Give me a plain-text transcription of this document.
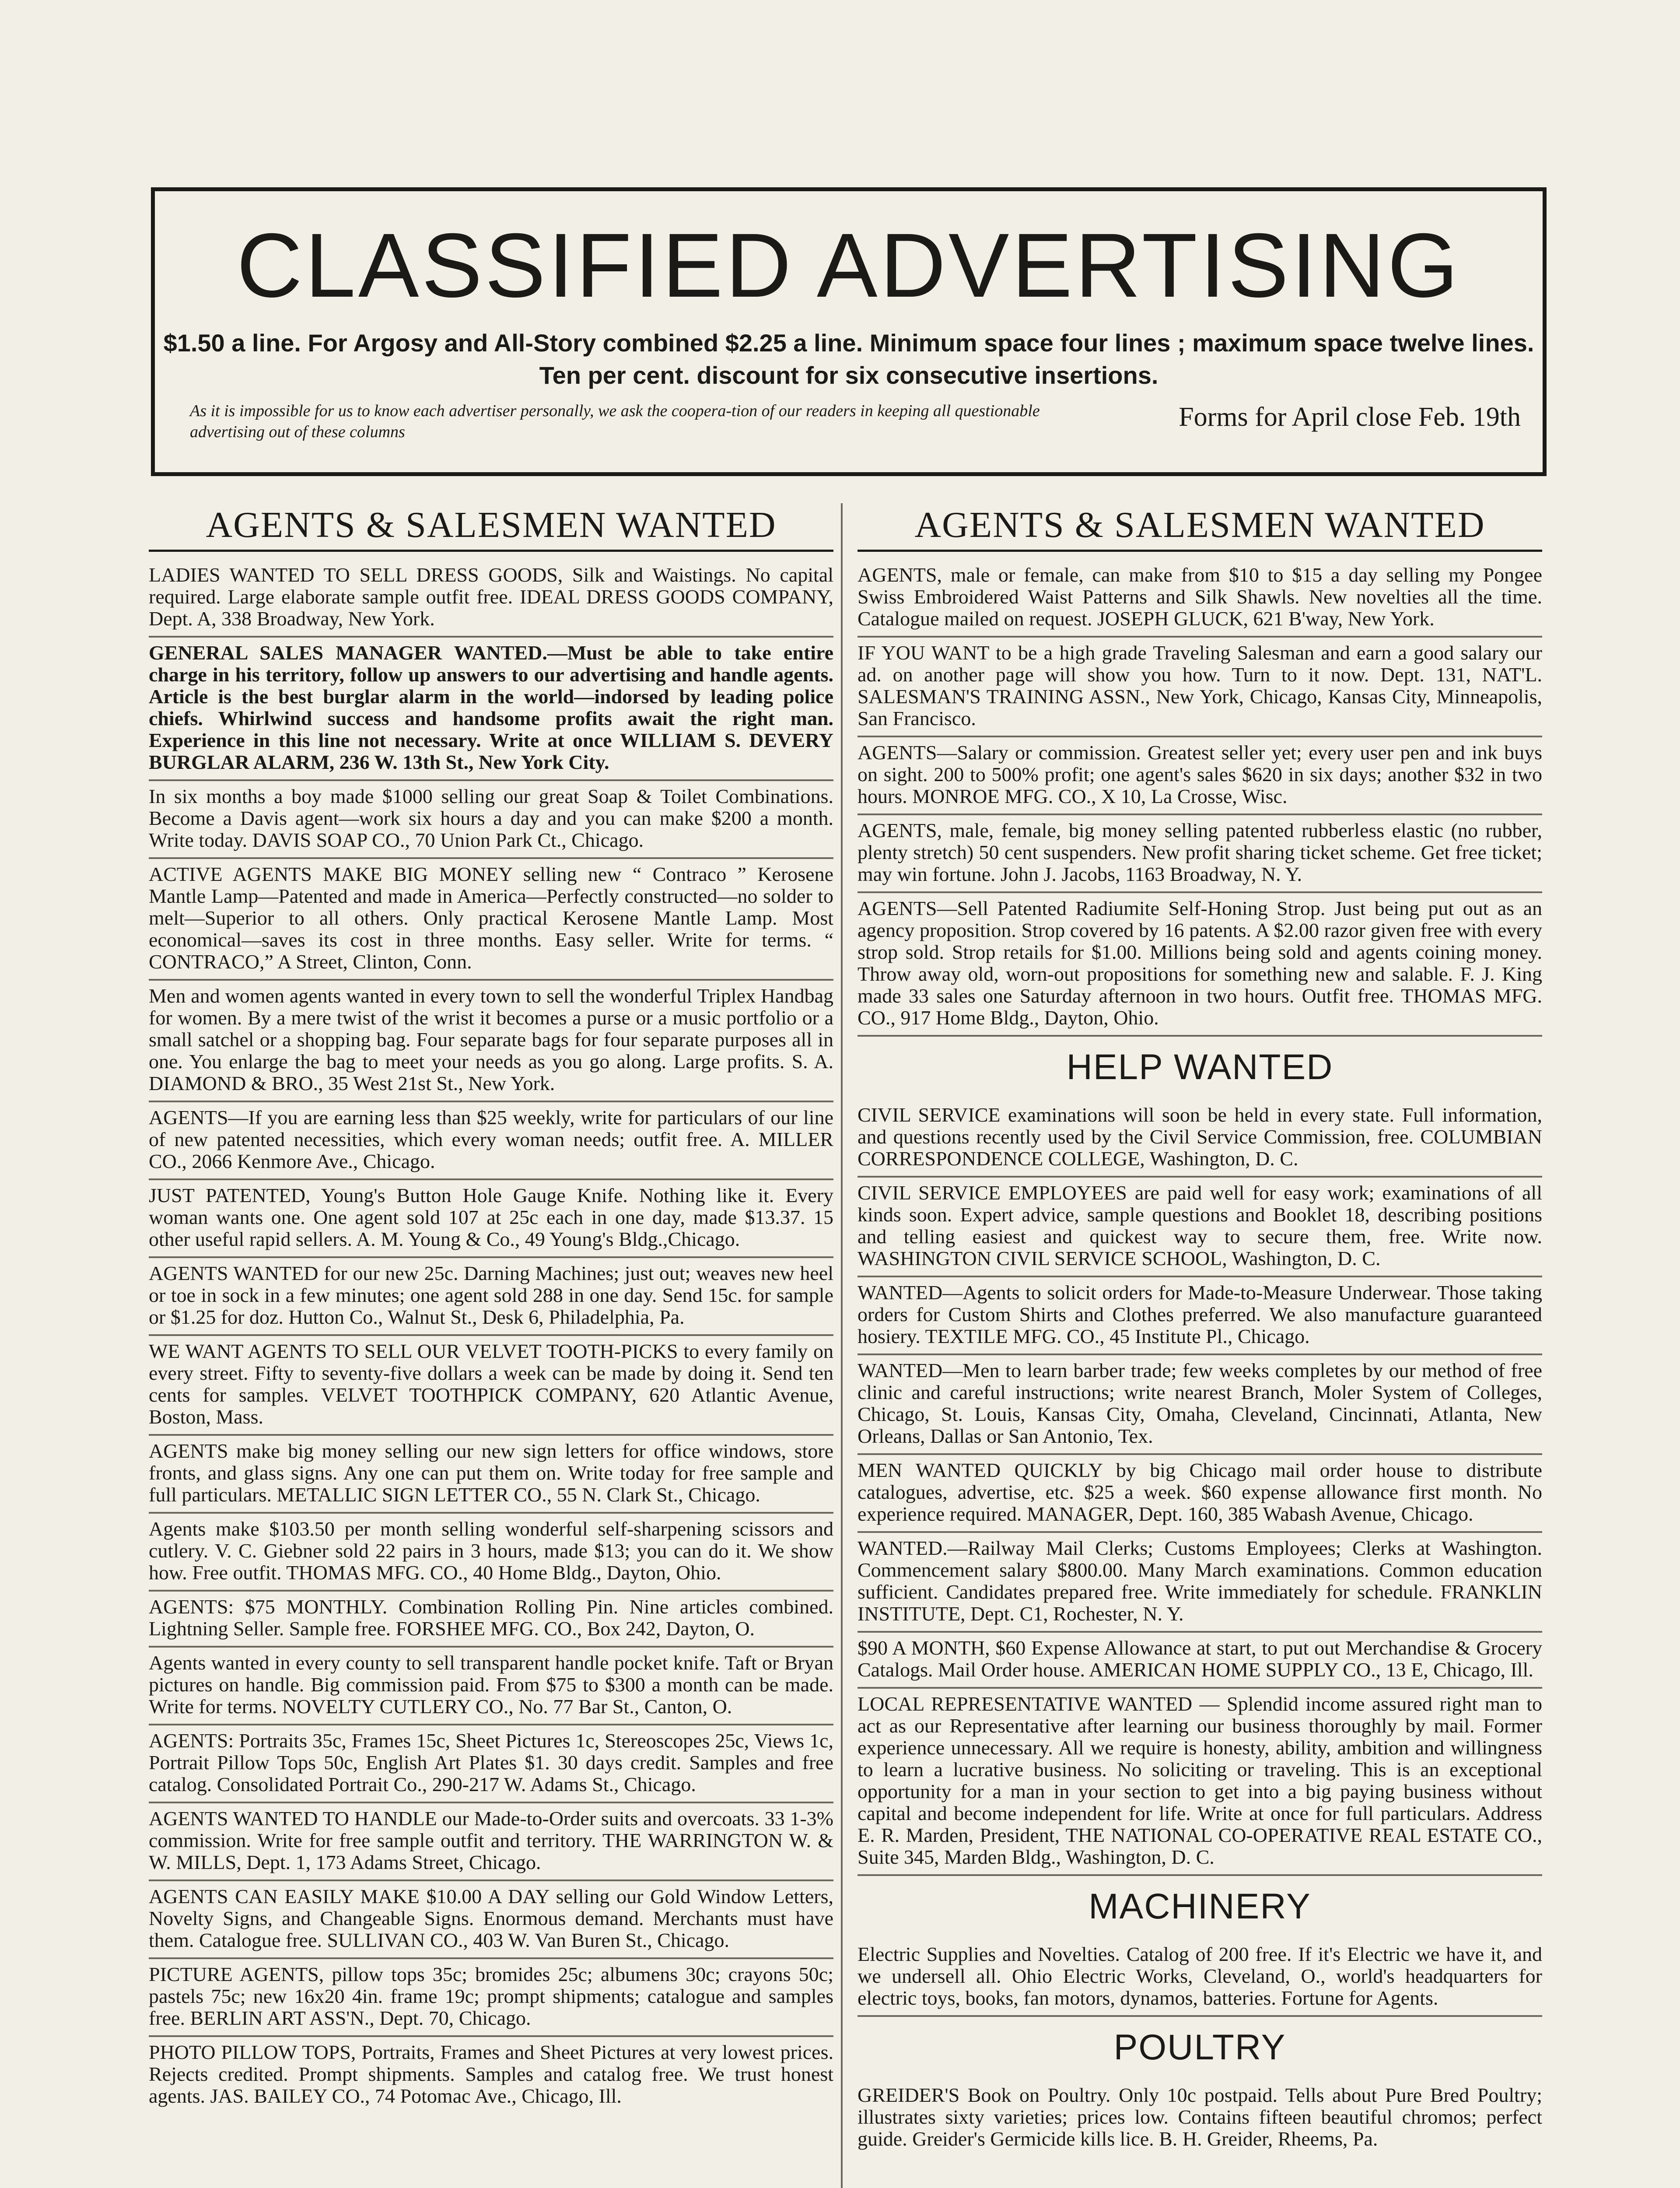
CLASSIFIED ADVERTISING
$1.50 a line. For Argosy and All-Story combined $2.25 a line. Minimum space four lines ; maximum space twelve lines. Ten per cent. discount for six consecutive insertions.
As it is impossible for us to know each advertiser personally, we ask the coopera-tion of our readers in keeping all questionable advertising out of these columns	Forms for April close Feb. 19th
AGENTS & SALESMEN WANTED

LADIES WANTED TO SELL DRESS GOODS, Silk and Waistings. No capital required. Large elaborate sample outfit free. IDEAL DRESS GOODS COMPANY, Dept. A, 338 Broadway, New York.

GENERAL SALES MANAGER WANTED.—Must be able to take entire charge in his territory, follow up answers to our advertising and handle agents. Article is the best burglar alarm in the world—indorsed by leading police chiefs. Whirlwind success and handsome profits await the right man. Experience in this line not necessary. Write at once WILLIAM S. DEVERY BURGLAR ALARM, 236 W. 13th St., New York City.

In six months a boy made $1000 selling our great Soap & Toilet Combinations. Become a Davis agent—work six hours a day and you can make $200 a month. Write today. DAVIS SOAP CO., 70 Union Park Ct., Chicago.

ACTIVE AGENTS MAKE BIG MONEY selling new “ Contraco ” Kerosene Mantle Lamp—Patented and made in America—Perfectly constructed—no solder to melt—Superior to all others. Only practical Kerosene Mantle Lamp. Most economical—saves its cost in three months. Easy seller. Write for terms. “ CONTRACO,” A Street, Clinton, Conn.

Men and women agents wanted in every town to sell the wonderful Triplex Handbag for women. By a mere twist of the wrist it becomes a purse or a music portfolio or a small satchel or a shopping bag. Four separate bags for four separate purposes all in one. You enlarge the bag to meet your needs as you go along. Large profits. S. A. DIAMOND & BRO., 35 West 21st St., New York.

AGENTS—If you are earning less than $25 weekly, write for particulars of our line of new patented necessities, which every woman needs; outfit free. A. MILLER CO., 2066 Kenmore Ave., Chicago.

JUST PATENTED, Young's Button Hole Gauge Knife. Nothing like it. Every woman wants one. One agent sold 107 at 25c each in one day, made $13.37. 15 other useful rapid sellers. A. M. Young & Co., 49 Young's Bldg.,Chicago.

AGENTS WANTED for our new 25c. Darning Machines; just out; weaves new heel or toe in sock in a few minutes; one agent sold 288 in one day. Send 15c. for sample or $1.25 for doz. Hutton Co., Walnut St., Desk 6, Philadelphia, Pa.

WE WANT AGENTS TO SELL OUR VELVET TOOTH-PICKS to every family on every street. Fifty to seventy-five dollars a week can be made by doing it. Send ten cents for samples. VELVET TOOTHPICK COMPANY, 620 Atlantic Avenue, Boston, Mass.

AGENTS make big money selling our new sign letters for office windows, store fronts, and glass signs. Any one can put them on. Write today for free sample and full particulars. METALLIC SIGN LETTER CO., 55 N. Clark St., Chicago.

Agents make $103.50 per month selling wonderful self-sharpening scissors and cutlery. V. C. Giebner sold 22 pairs in 3 hours, made $13; you can do it. We show how. Free outfit. THOMAS MFG. CO., 40 Home Bldg., Dayton, Ohio.

AGENTS: $75 MONTHLY. Combination Rolling Pin. Nine articles combined. Lightning Seller. Sample free. FORSHEE MFG. CO., Box 242, Dayton, O.

Agents wanted in every county to sell transparent handle pocket knife. Taft or Bryan pictures on handle. Big commission paid. From $75 to $300 a month can be made. Write for terms. NOVELTY CUTLERY CO., No. 77 Bar St., Canton, O.

AGENTS: Portraits 35c, Frames 15c, Sheet Pictures 1c, Stereoscopes 25c, Views 1c, Portrait Pillow Tops 50c, English Art Plates $1. 30 days credit. Samples and free catalog. Consolidated Portrait Co., 290-217 W. Adams St., Chicago.

AGENTS WANTED TO HANDLE our Made-to-Order suits and overcoats. 33 1-3% commission. Write for free sample outfit and territory. THE WARRINGTON W. & W. MILLS, Dept. 1, 173 Adams Street, Chicago.

AGENTS CAN EASILY MAKE $10.00 A DAY selling our Gold Window Letters, Novelty Signs, and Changeable Signs. Enormous demand. Merchants must have them. Catalogue free. SULLIVAN CO., 403 W. Van Buren St., Chicago.

PICTURE AGENTS, pillow tops 35c; bromides 25c; albumens 30c; crayons 50c; pastels 75c; new 16x20 4in. frame 19c; prompt shipments; catalogue and samples free. BERLIN ART ASS'N., Dept. 70, Chicago.

PHOTO PILLOW TOPS, Portraits, Frames and Sheet Pictures at very lowest prices. Rejects credited. Prompt shipments. Samples and catalog free. We trust honest agents. JAS. BAILEY CO., 74 Potomac Ave., Chicago, Ill.

AGENTS & SALESMEN WANTED

AGENTS, male or female, can make from $10 to $15 a day selling my Pongee Swiss Embroidered Waist Patterns and Silk Shawls. New novelties all the time. Catalogue mailed on request. JOSEPH GLUCK, 621 B'way, New York.

IF YOU WANT to be a high grade Traveling Salesman and earn a good salary our ad. on another page will show you how. Turn to it now. Dept. 131, NAT'L. SALESMAN'S TRAINING ASSN., New York, Chicago, Kansas City, Minneapolis, San Francisco.

AGENTS—Salary or commission. Greatest seller yet; every user pen and ink buys on sight. 200 to 500% profit; one agent's sales $620 in six days; another $32 in two hours. MONROE MFG. CO., X 10, La Crosse, Wisc.

AGENTS, male, female, big money selling patented rubberless elastic (no rubber, plenty stretch) 50 cent suspenders. New profit sharing ticket scheme. Get free ticket; may win fortune. John J. Jacobs, 1163 Broadway, N. Y.

AGENTS—Sell Patented Radiumite Self-Honing Strop. Just being put out as an agency proposition. Strop covered by 16 patents. A $2.00 razor given free with every strop sold. Strop retails for $1.00. Millions being sold and agents coining money. Throw away old, worn-out propositions for something new and salable. F. J. King made 33 sales one Saturday afternoon in two hours. Outfit free. THOMAS MFG. CO., 917 Home Bldg., Dayton, Ohio.

HELP WANTED

CIVIL SERVICE examinations will soon be held in every state. Full information, and questions recently used by the Civil Service Commission, free. COLUMBIAN CORRESPONDENCE COLLEGE, Washington, D. C.

CIVIL SERVICE EMPLOYEES are paid well for easy work; examinations of all kinds soon. Expert advice, sample questions and Booklet 18, describing positions and telling easiest and quickest way to secure them, free. Write now. WASHINGTON CIVIL SERVICE SCHOOL, Washington, D. C.

WANTED—Agents to solicit orders for Made-to-Measure Underwear. Those taking orders for Custom Shirts and Clothes preferred. We also manufacture guaranteed hosiery. TEXTILE MFG. CO., 45 Institute Pl., Chicago.

WANTED—Men to learn barber trade; few weeks completes by our method of free clinic and careful instructions; write nearest Branch, Moler System of Colleges, Chicago, St. Louis, Kansas City, Omaha, Cleveland, Cincinnati, Atlanta, New Orleans, Dallas or San Antonio, Tex.

MEN WANTED QUICKLY by big Chicago mail order house to distribute catalogues, advertise, etc. $25 a week. $60 expense allowance first month. No experience required. MANAGER, Dept. 160, 385 Wabash Avenue, Chicago.

WANTED.—Railway Mail Clerks; Customs Employees; Clerks at Washington. Commencement salary $800.00. Many March examinations. Common education sufficient. Candidates prepared free. Write immediately for schedule. FRANKLIN INSTITUTE, Dept. C1, Rochester, N. Y.

$90 A MONTH, $60 Expense Allowance at start, to put out Merchandise & Grocery Catalogs. Mail Order house. AMERICAN HOME SUPPLY CO., 13 E, Chicago, Ill.

LOCAL REPRESENTATIVE WANTED — Splendid income assured right man to act as our Representative after learning our business thoroughly by mail. Former experience unnecessary. All we require is honesty, ability, ambition and willingness to learn a lucrative business. No soliciting or traveling. This is an exceptional opportunity for a man in your section to get into a big paying business without capital and become independent for life. Write at once for full particulars. Address E. R. Marden, President, THE NATIONAL CO-OPERATIVE REAL ESTATE CO., Suite 345, Marden Bldg., Washington, D. C.

MACHINERY

Electric Supplies and Novelties. Catalog of 200 free. If it's Electric we have it, and we undersell all. Ohio Electric Works, Cleveland, O., world's headquarters for electric toys, books, fan motors, dynamos, batteries. Fortune for Agents.

POULTRY

GREIDER'S Book on Poultry. Only 10c postpaid. Tells about Pure Bred Poultry; illustrates sixty varieties; prices low. Contains fifteen beautiful chromos; perfect guide. Greider's Germicide kills lice. B. H. Greider, Rheems, Pa.
